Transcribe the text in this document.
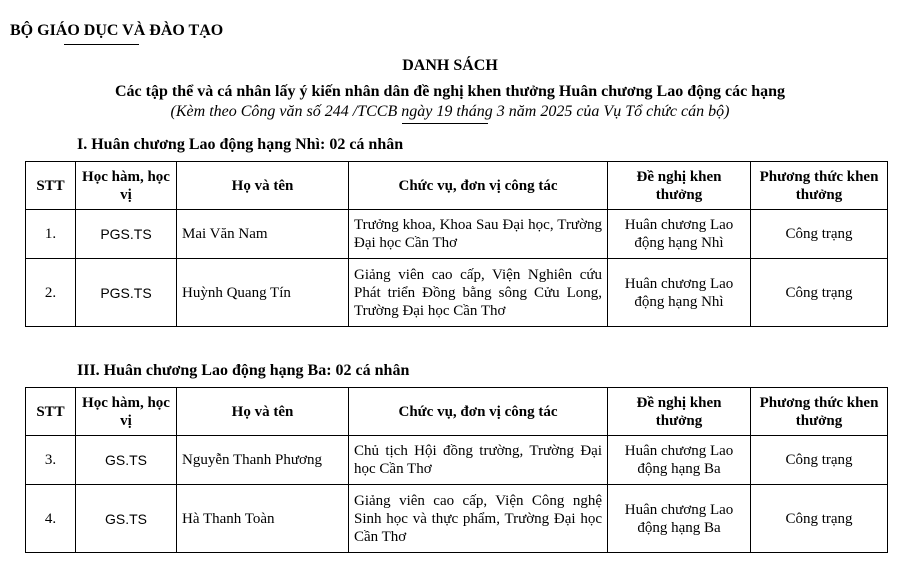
BỘ GIÁO DỤC VÀ ĐÀO TẠO
DANH SÁCH
Các tập thể và cá nhân lấy ý kiến nhân dân đề nghị khen thưởng Huân chương Lao động các hạng
(Kèm theo Công văn số 244 /TCCB ngày 19 tháng 3 năm 2025 của Vụ Tổ chức cán bộ)
I. Huân chương Lao động hạng Nhì: 02 cá nhân
STT	Học hàm, học vị	Họ và tên	Chức vụ, đơn vị công tác	Đề nghị khen thưởng	Phương thức khen thưởng
1.	PGS.TS	Mai Văn Nam	Trưởng khoa, Khoa Sau Đại học, Trường Đại học Cần Thơ	Huân chương Lao động hạng Nhì	Công trạng
2.	PGS.TS	Huỳnh Quang Tín	Giảng viên cao cấp, Viện Nghiên cứu Phát triển Đồng bằng sông Cửu Long, Trường Đại học Cần Thơ	Huân chương Lao động hạng Nhì	Công trạng
III. Huân chương Lao động hạng Ba: 02 cá nhân
STT	Học hàm, học vị	Họ và tên	Chức vụ, đơn vị công tác	Đề nghị khen thưởng	Phương thức khen thưởng
3.	GS.TS	Nguyễn Thanh Phương	Chủ tịch Hội đồng trường, Trường Đại học Cần Thơ	Huân chương Lao động hạng Ba	Công trạng
4.	GS.TS	Hà Thanh Toàn	Giảng viên cao cấp, Viện Công nghệ Sinh học và thực phẩm, Trường Đại học Cần Thơ	Huân chương Lao động hạng Ba	Công trạng
